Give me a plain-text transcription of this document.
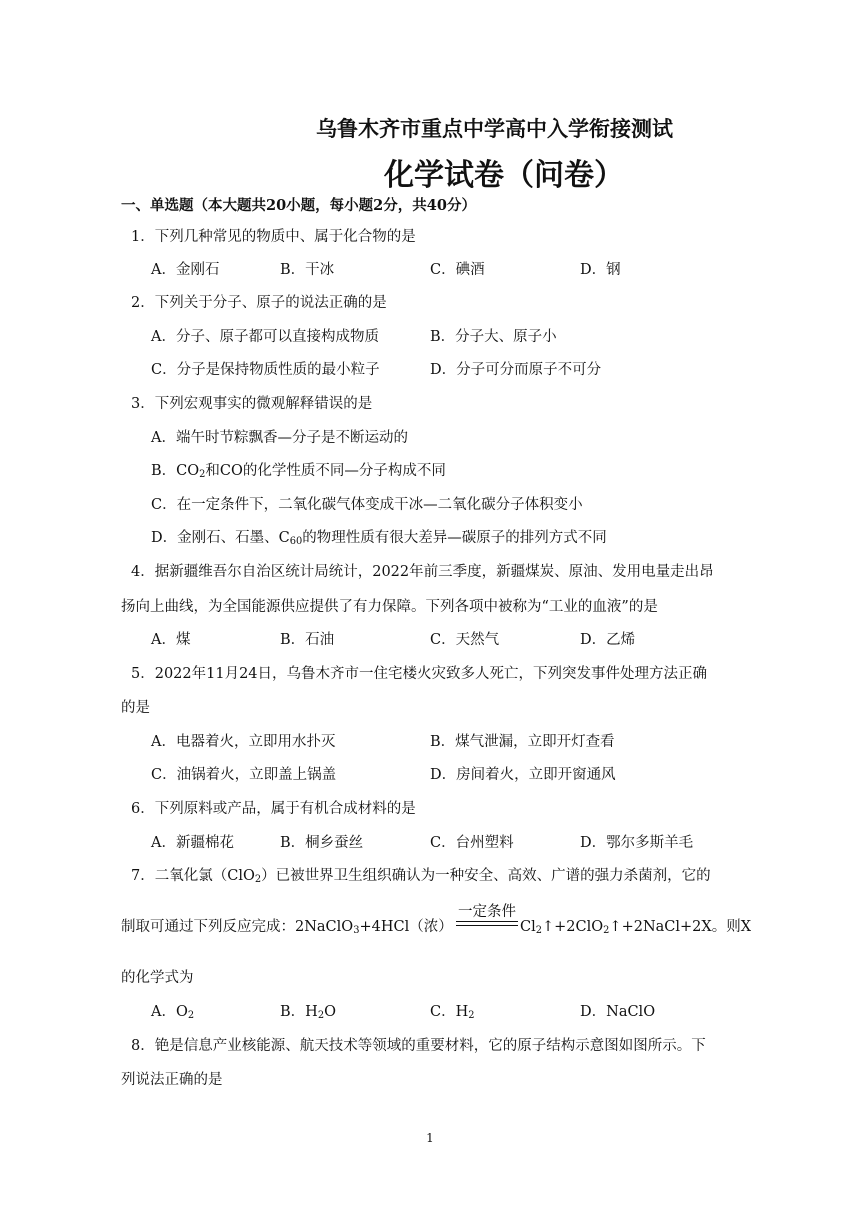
乌鲁木齐市重点中学高中入学衔接测试
化学试卷（问卷）
一、单选题（本大题共20小题，每小题2分，共40分）
1．下列几种常见的物质中、属于化合物的是
A．金刚石	B．干冰	C．碘酒	D．钢
2．下列关于分子、原子的说法正确的是
A．分子、原子都可以直接构成物质	B．分子大、原子小
C．分子是保持物质性质的最小粒子	D．分子可分而原子不可分
3．下列宏观事实的微观解释错误的是
A．端午时节粽飘香—分子是不断运动的
B．$CO_2$和CO的化学性质不同—分子构成不同
C．在一定条件下，二氧化碳气体变成干冰—二氧化碳分子体积变小
D．金刚石、石墨、$C_{60}$的物理性质有很大差异—碳原子的排列方式不同
4．据新疆维吾尔自治区统计局统计，2022年前三季度，新疆煤炭、原油、发用电量走出昂
扬向上曲线，为全国能源供应提供了有力保障。下列各项中被称为“工业的血液”的是
A．煤	B．石油	C．天然气	D．乙烯
5．2022年11月24日，乌鲁木齐市一住宅楼火灾致多人死亡，下列突发事件处理方法正确
的是
A．电器着火，立即用水扑灭	B．煤气泄漏，立即开灯查看
C．油锅着火，立即盖上锅盖	D．房间着火，立即开窗通风
6．下列原料或产品，属于有机合成材料的是
A．新疆棉花	B．桐乡蚕丝	C．台州塑料	D．鄂尔多斯羊毛
7．二氧化氯（ClO$_2$）已被世界卫生组织确认为一种安全、高效、广谱的强力杀菌剂，它的
制取可通过下列反应完成：2NaClO$_3$+4HCl（浓）
一定条件
$Cl_2↑+2ClO_2↑+2NaCl+2X$。则X
的化学式为
A．$O_2$	B．$H_2O$	C．$H_2$	D．NaClO
8．铯是信息产业核能源、航天技术等领域的重要材料，它的原子结构示意图如图所示。下
列说法正确的是
1
